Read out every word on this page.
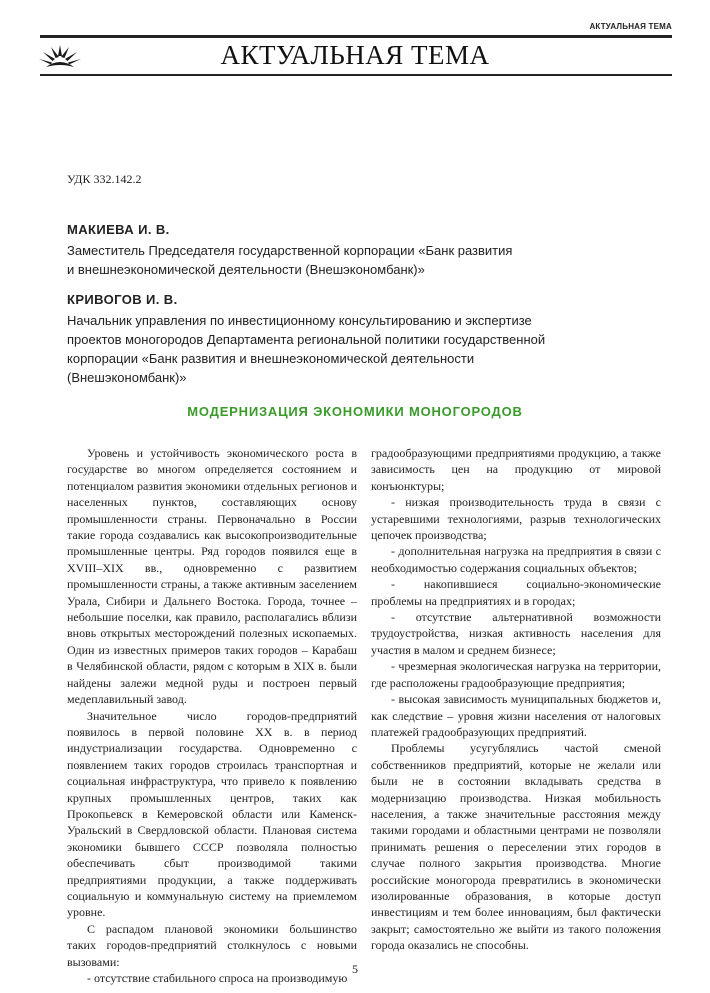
АКТУАЛЬНАЯ ТЕМА
АКТУАЛЬНАЯ ТЕМА
УДК 332.142.2
МАКИЕВА И. В.
Заместитель Председателя государственной корпорации «Банк развития
и внешнеэкономической деятельности (Внешэкономбанк)»
КРИВОГОВ И. В.
Начальник управления по инвестиционному консультированию и экспертизе
проектов моногородов Департамента региональной политики государственной
корпорации «Банк развития и внешнеэкономической деятельности
(Внешэкономбанк)»
МОДЕРНИЗАЦИЯ ЭКОНОМИКИ МОНОГОРОДОВ

Уровень и устойчивость экономического роста в государстве во многом определяется состоянием и потенциалом развития экономики отдельных регионов и населенных пунктов, составляющих основу промышленности страны. Первоначально в России такие города создавались как высокопроизводительные промышленные центры. Ряд городов появился еще в XVIII–XIX вв., одновременно с развитием промышленности страны, а также активным заселением Урала, Сибири и Дальнего Востока. Города, точнее – небольшие поселки, как правило, располагались вблизи вновь открытых месторождений полезных ископаемых. Один из известных примеров таких городов – Карабаш в Челябинской области, рядом с которым в XIX в. были найдены залежи медной руды и построен первый медеплавильный завод.

Значительное число городов-предприятий появилось в первой половине XX в. в период индустриализации государства. Одновременно с появлением таких городов строилась транспортная и социальная инфраструктура, что привело к появлению крупных промышленных центров, таких как Прокопьевск в Кемеровской области или Каменск-Уральский в Свердловской области. Плановая система экономики бывшего СССР позволяла полностью обеспечивать сбыт производимой такими предприятиями продукции, а также поддерживать социальную и коммунальную систему на приемлемом уровне.

С распадом плановой экономики большинство таких городов-предприятий столкнулось с новыми вызовами:

- отсутствие стабильного спроса на производимую

градообразующими предприятиями продукцию, а также зависимость цен на продукцию от мировой конъюнктуры;

- низкая производительность труда в связи с устаревшими технологиями, разрыв технологических цепочек производства;

- дополнительная нагрузка на предприятия в связи с необходимостью содержания социальных объектов;

- накопившиеся социально-экономические проблемы на предприятиях и в городах;

- отсутствие альтернативной возможности трудоустройства, низкая активность населения для участия в малом и среднем бизнесе;

- чрезмерная экологическая нагрузка на территории, где расположены градообразующие предприятия;

- высокая зависимость муниципальных бюджетов и, как следствие – уровня жизни населения от налоговых платежей градообразующих предприятий.

Проблемы усугублялись частой сменой собственников предприятий, которые не желали или были не в состоянии вкладывать средства в модернизацию производства. Низкая мобильность населения, а также значительные расстояния между такими городами и областными центрами не позволяли принимать решения о переселении этих городов в случае полного закрытия производства. Многие российские моногорода превратились в экономически изолированные образования, в которые доступ инвестициям и тем более инновациям, был фактически закрыт; самостоятельно же выйти из такого положения города оказались не способны.

5
